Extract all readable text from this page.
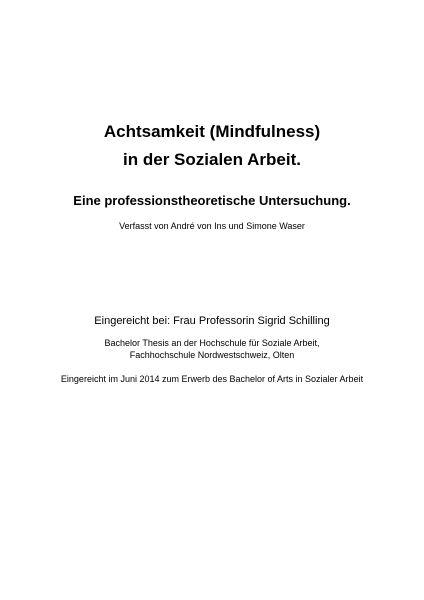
Achtsamkeit (Mindfulness)
in der Sozialen Arbeit.
Eine professionstheoretische Untersuchung.
Verfasst von André von Ins und Simone Waser
Eingereicht bei: Frau Professorin Sigrid Schilling
Bachelor Thesis an der Hochschule für Soziale Arbeit,
Fachhochschule Nordwestschweiz, Olten
Eingereicht im Juni 2014 zum Erwerb des Bachelor of Arts in Sozialer Arbeit
